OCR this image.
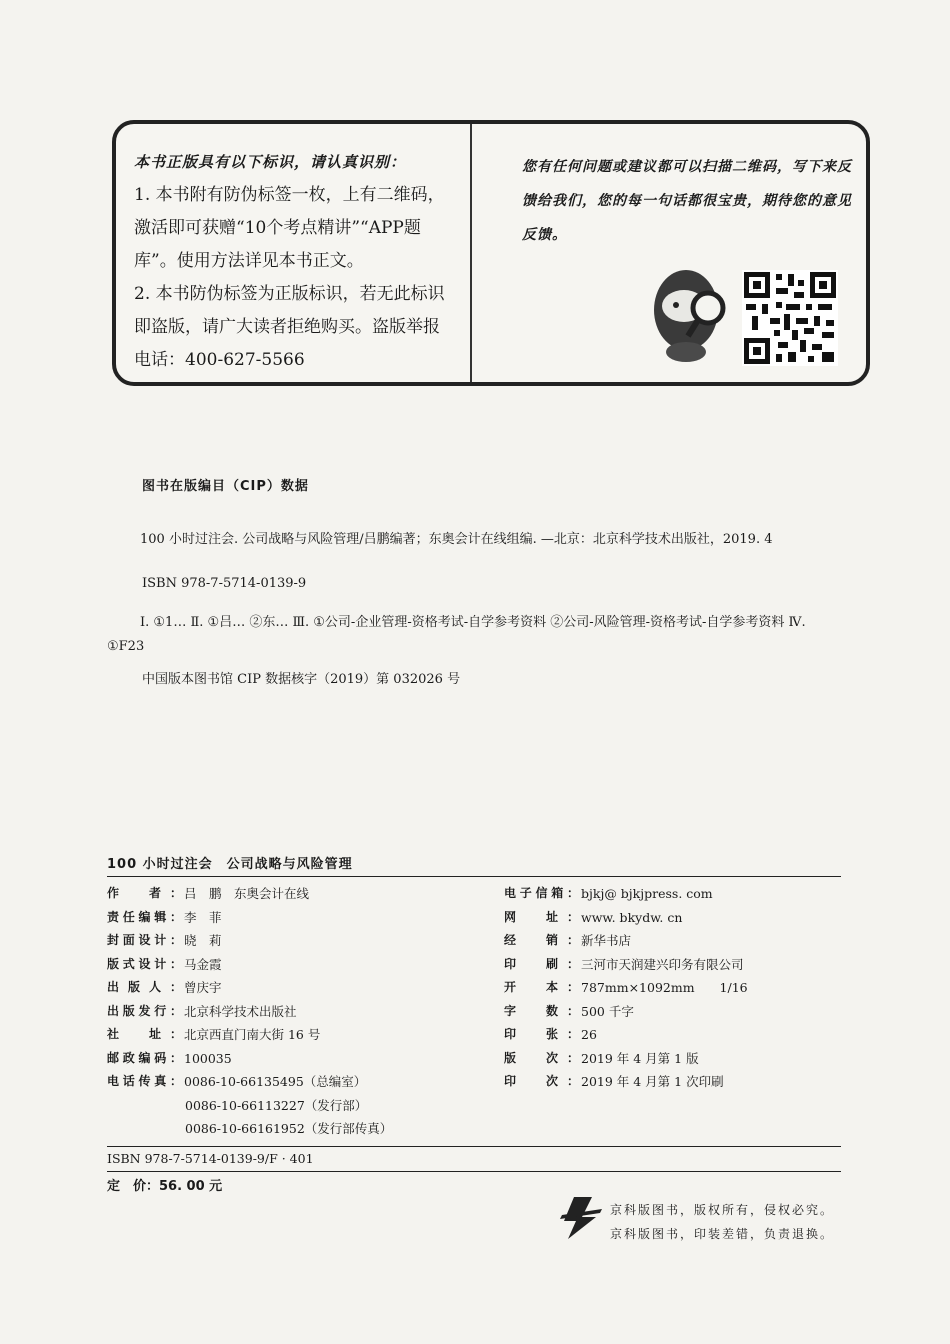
本书正版具有以下标识，请认真识别：
1. 本书附有防伪标签一枚，上有二维码，激活即可获赠“10个考点精讲”“APP题库”。使用方法详见本书正文。
2. 本书防伪标签为正版标识，若无此标识即盗版，请广大读者拒绝购买。盗版举报电话：400-627-5566
您有任何问题或建议都可以扫描二维码，写下来反馈给我们，您的每一句话都很宝贵，期待您的意见反馈。
图书在版编目（CIP）数据
100 小时过注会. 公司战略与风险管理/吕鹏编著；东奥会计在线组编. —北京：北京科学技术出版社，2019. 4
ISBN 978-7-5714-0139-9
Ⅰ. ①1… Ⅱ. ①吕… ②东… Ⅲ. ①公司-企业管理-资格考试-自学参考资料 ②公司-风险管理-资格考试-自学参考资料 Ⅳ. ①F23
中国版本图书馆 CIP 数据核字（2019）第 032026 号
100 小时过注会　公司战略与风险管理
作　者： 吕　鹏　东奥会计在线
责任编辑： 李　菲
封面设计： 晓　莉
版式设计： 马金霞
出版人： 曾庆宇
出版发行： 北京科学技术出版社
社　址： 北京西直门南大街 16 号
邮政编码： 100035
电话传真： 0086-10-66135495（总编室）
0086-10-66113227（发行部）
0086-10-66161952（发行部传真）
电子信箱： bjkj@ bjkjpress. com
网　址： www. bkydw. cn
经　销： 新华书店
印　刷： 三河市天润建兴印务有限公司
开　本： 787mm×1092mm　　1/16
字　数： 500 千字
印　张： 26
版　次： 2019 年 4 月第 1 版
印　次： 2019 年 4 月第 1 次印刷
ISBN 978-7-5714-0139-9/F · 401
定　价：56. 00 元
京科版图书，版权所有，侵权必究。
京科版图书，印装差错，负责退换。
